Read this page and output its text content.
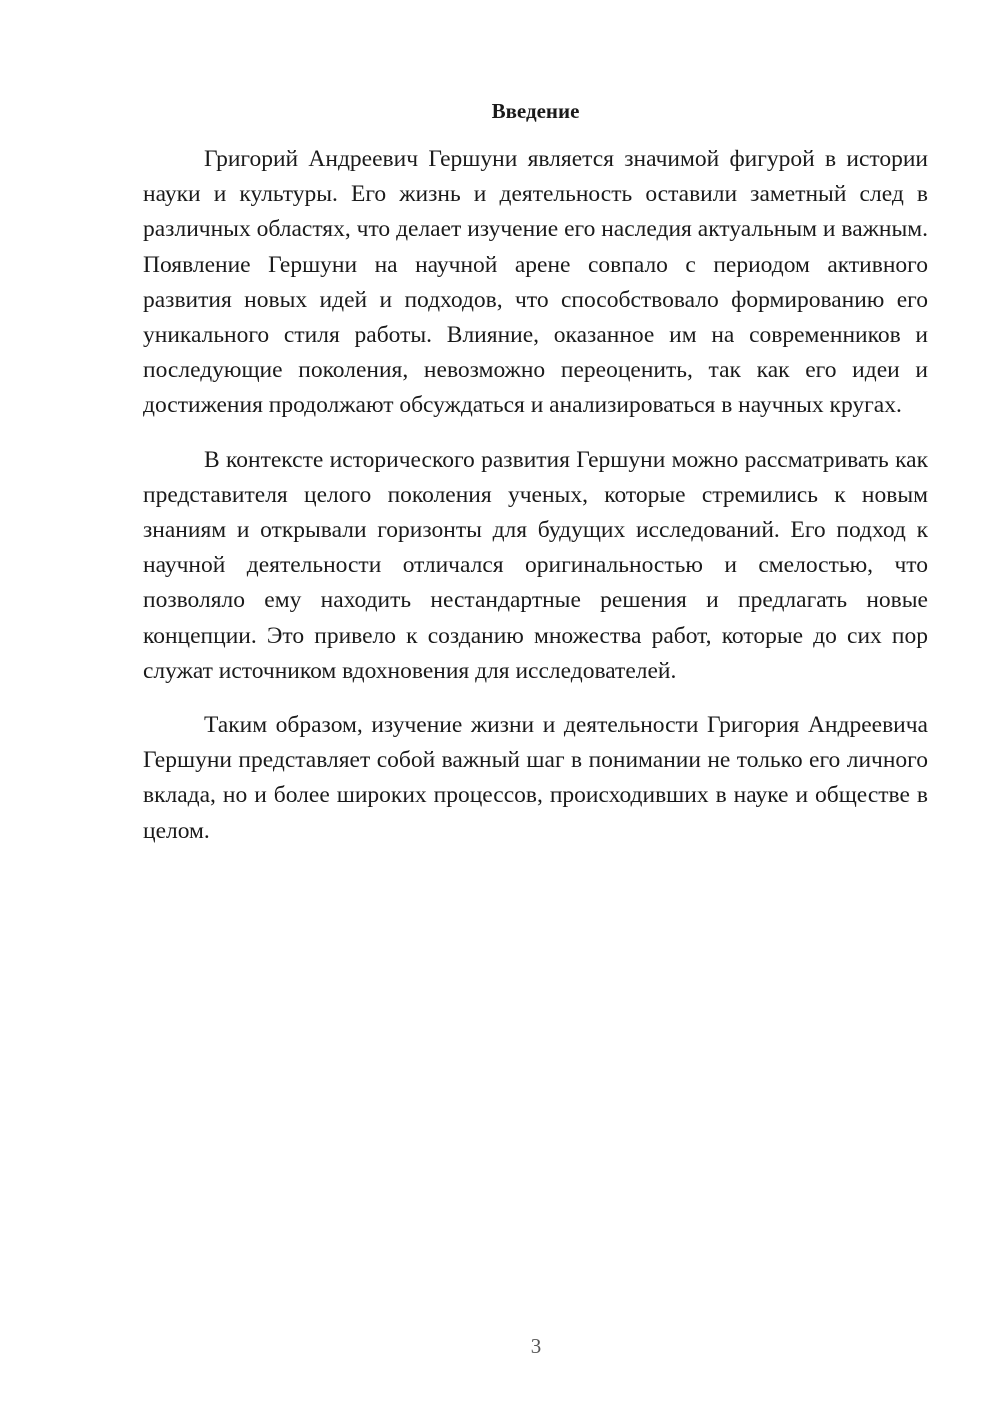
Введение

Григорий Андреевич Гершуни является значимой фигурой в истории науки и культуры. Его жизнь и деятельность оставили заметный след в различных областях, что делает изучение его наследия актуальным и важным. Появление Гершуни на научной арене совпало с периодом активного развития новых идей и подходов, что способствовало формированию его уникального стиля работы. Влияние, оказанное им на современников и последующие поколения, невозможно переоценить, так как его идеи и достижения продолжают обсуждаться и анализироваться в научных кругах.

В контексте исторического развития Гершуни можно рассматривать как представителя целого поколения ученых, которые стремились к новым знаниям и открывали горизонты для будущих исследований. Его подход к научной деятельности отличался оригинальностью и смелостью, что позволяло ему находить нестандартные решения и предлагать новые концепции. Это привело к созданию множества работ, которые до сих пор служат источником вдохновения для исследователей.

Таким образом, изучение жизни и деятельности Григория Андреевича Гершуни представляет собой важный шаг в понимании не только его личного вклада, но и более широких процессов, происходивших в науке и обществе в целом.

3
